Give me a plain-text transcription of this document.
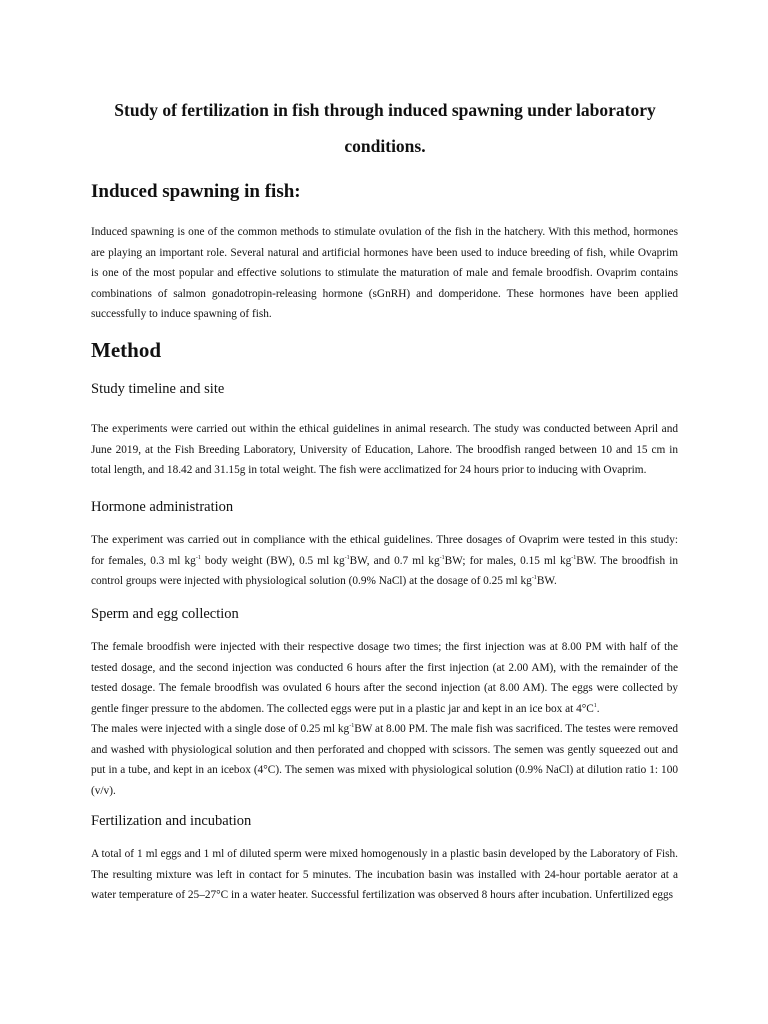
Study of fertilization in fish through induced spawning under laboratory conditions.
Induced spawning in fish:

Induced spawning is one of the common methods to stimulate ovulation of the fish in the hatchery. With this method, hormones are playing an important role. Several natural and artificial hormones have been used to induce breeding of fish, while Ovaprim is one of the most popular and effective solutions to stimulate the maturation of male and female broodfish. Ovaprim contains combinations of salmon gonadotropin-releasing hormone (sGnRH) and domperidone. These hormones have been applied successfully to induce spawning of fish.

Method
Study timeline and site

The experiments were carried out within the ethical guidelines in animal research. The study was conducted between April and June 2019, at the Fish Breeding Laboratory, University of Education, Lahore. The broodfish ranged between 10 and 15 cm in total length, and 18.42 and 31.15g in total weight. The fish were acclimatized for 24 hours prior to inducing with Ovaprim.

Hormone administration

The experiment was carried out in compliance with the ethical guidelines. Three dosages of Ovaprim were tested in this study: for females, 0.3 ml $kg^{-1}$ body weight (BW), 0.5 ml $kg^{-1}BW$, and 0.7 ml $kg^{-1}BW$; for males, 0.15 ml $kg^{-1}BW$. The broodfish in control groups were injected with physiological solution (0.9% NaCl) at the dosage of 0.25 ml $kg^{-1}BW$.

Sperm and egg collection

The female broodfish were injected with their respective dosage two times; the first injection was at 8.00 PM with half of the tested dosage, and the second injection was conducted 6 hours after the first injection (at 2.00 AM), with the remainder of the tested dosage. The female broodfish was ovulated 6 hours after the second injection (at 8.00 AM). The eggs were collected by gentle finger pressure to the abdomen. The collected eggs were put in a plastic jar and kept in an ice box at $4^\circ C^1$.

The males were injected with a single dose of 0.25 ml $kg^{-1}BW$ at 8.00 PM. The male fish was sacrificed. The testes were removed and washed with physiological solution and then perforated and chopped with scissors. The semen was gently squeezed out and put in a tube, and kept in an icebox (4°C). The semen was mixed with physiological solution (0.9% NaCl) at dilution ratio 1: 100 (v/v).

Fertilization and incubation

A total of 1 ml eggs and 1 ml of diluted sperm were mixed homogenously in a plastic basin developed by the Laboratory of Fish. The resulting mixture was left in contact for 5 minutes. The incubation basin was installed with 24-hour portable aerator at a water temperature of 25–27°C in a water heater. Successful fertilization was observed 8 hours after incubation. Unfertilized eggs
